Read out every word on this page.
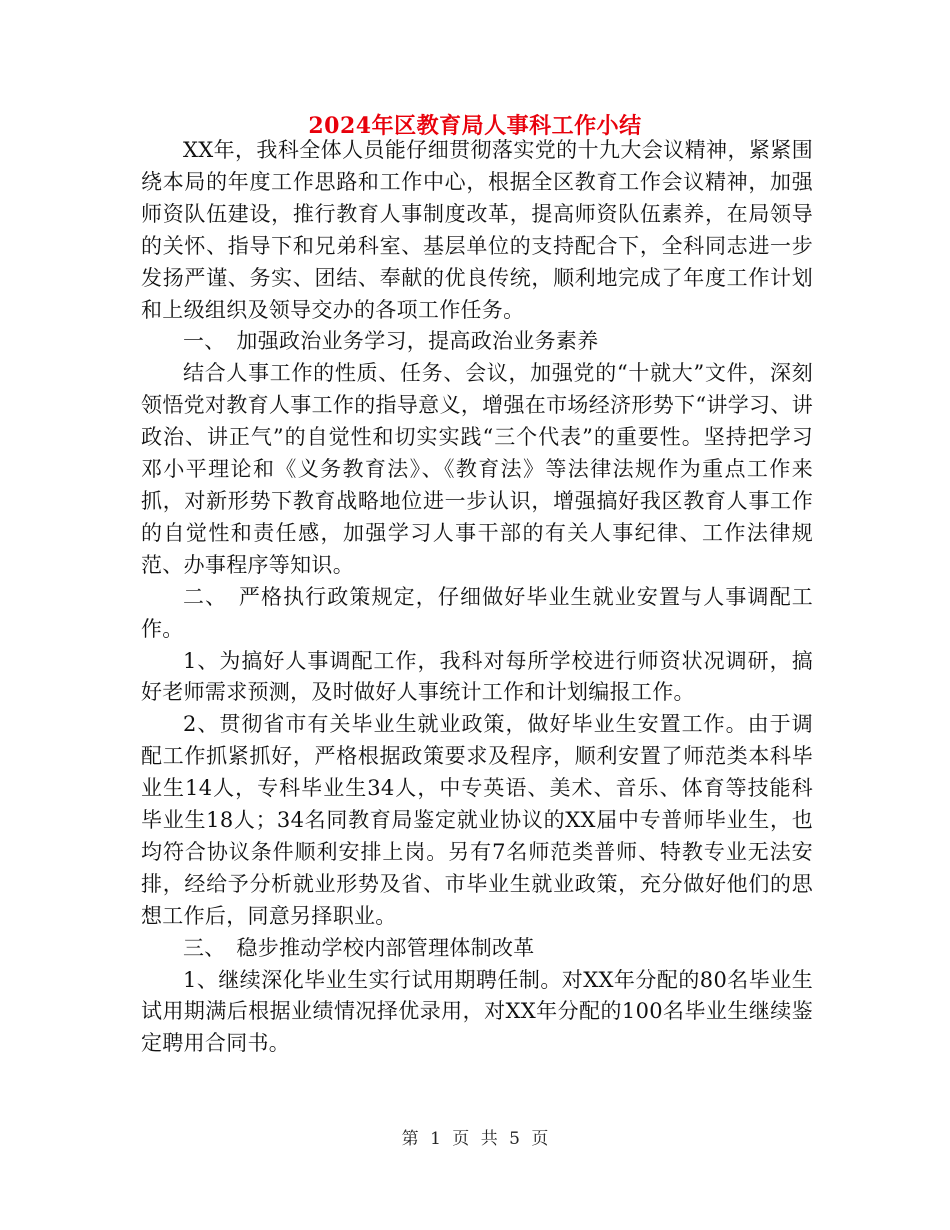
2024年区教育局人事科工作小结

XX年，我科全体人员能仔细贯彻落实党的十九大会议精神，紧紧围绕本局的年度工作思路和工作中心，根据全区教育工作会议精神，加强师资队伍建设，推行教育人事制度改革，提高师资队伍素养，在局领导的关怀、指导下和兄弟科室、基层单位的支持配合下，全科同志进一步发扬严谨、务实、团结、奉献的优良传统，顺利地完成了年度工作计划和上级组织及领导交办的各项工作任务。

一、　加强政治业务学习，提高政治业务素养

结合人事工作的性质、任务、会议，加强党的“十就大”文件，深刻领悟党对教育人事工作的指导意义，增强在市场经济形势下“讲学习、讲政治、讲正气”的自觉性和切实实践“三个代表”的重要性。坚持把学习邓小平理论和《义务教育法》、《教育法》等法律法规作为重点工作来抓，对新形势下教育战略地位进一步认识，增强搞好我区教育人事工作的自觉性和责任感，加强学习人事干部的有关人事纪律、工作法律规范、办事程序等知识。

二、　严格执行政策规定，仔细做好毕业生就业安置与人事调配工作。

1、为搞好人事调配工作，我科对每所学校进行师资状况调研，搞好老师需求预测，及时做好人事统计工作和计划编报工作。

2、贯彻省市有关毕业生就业政策，做好毕业生安置工作。由于调配工作抓紧抓好，严格根据政策要求及程序，顺利安置了师范类本科毕业生14人，专科毕业生34人，中专英语、美术、音乐、体育等技能科毕业生18人；34名同教育局鉴定就业协议的XX届中专普师毕业生，也均符合协议条件顺利安排上岗。另有7名师范类普师、特教专业无法安排，经给予分析就业形势及省、市毕业生就业政策，充分做好他们的思想工作后，同意另择职业。

三、　稳步推动学校内部管理体制改革

1、继续深化毕业生实行试用期聘任制。对XX年分配的80名毕业生试用期满后根据业绩情况择优录用，对XX年分配的100名毕业生继续鉴定聘用合同书。

第 1 页 共 5 页
